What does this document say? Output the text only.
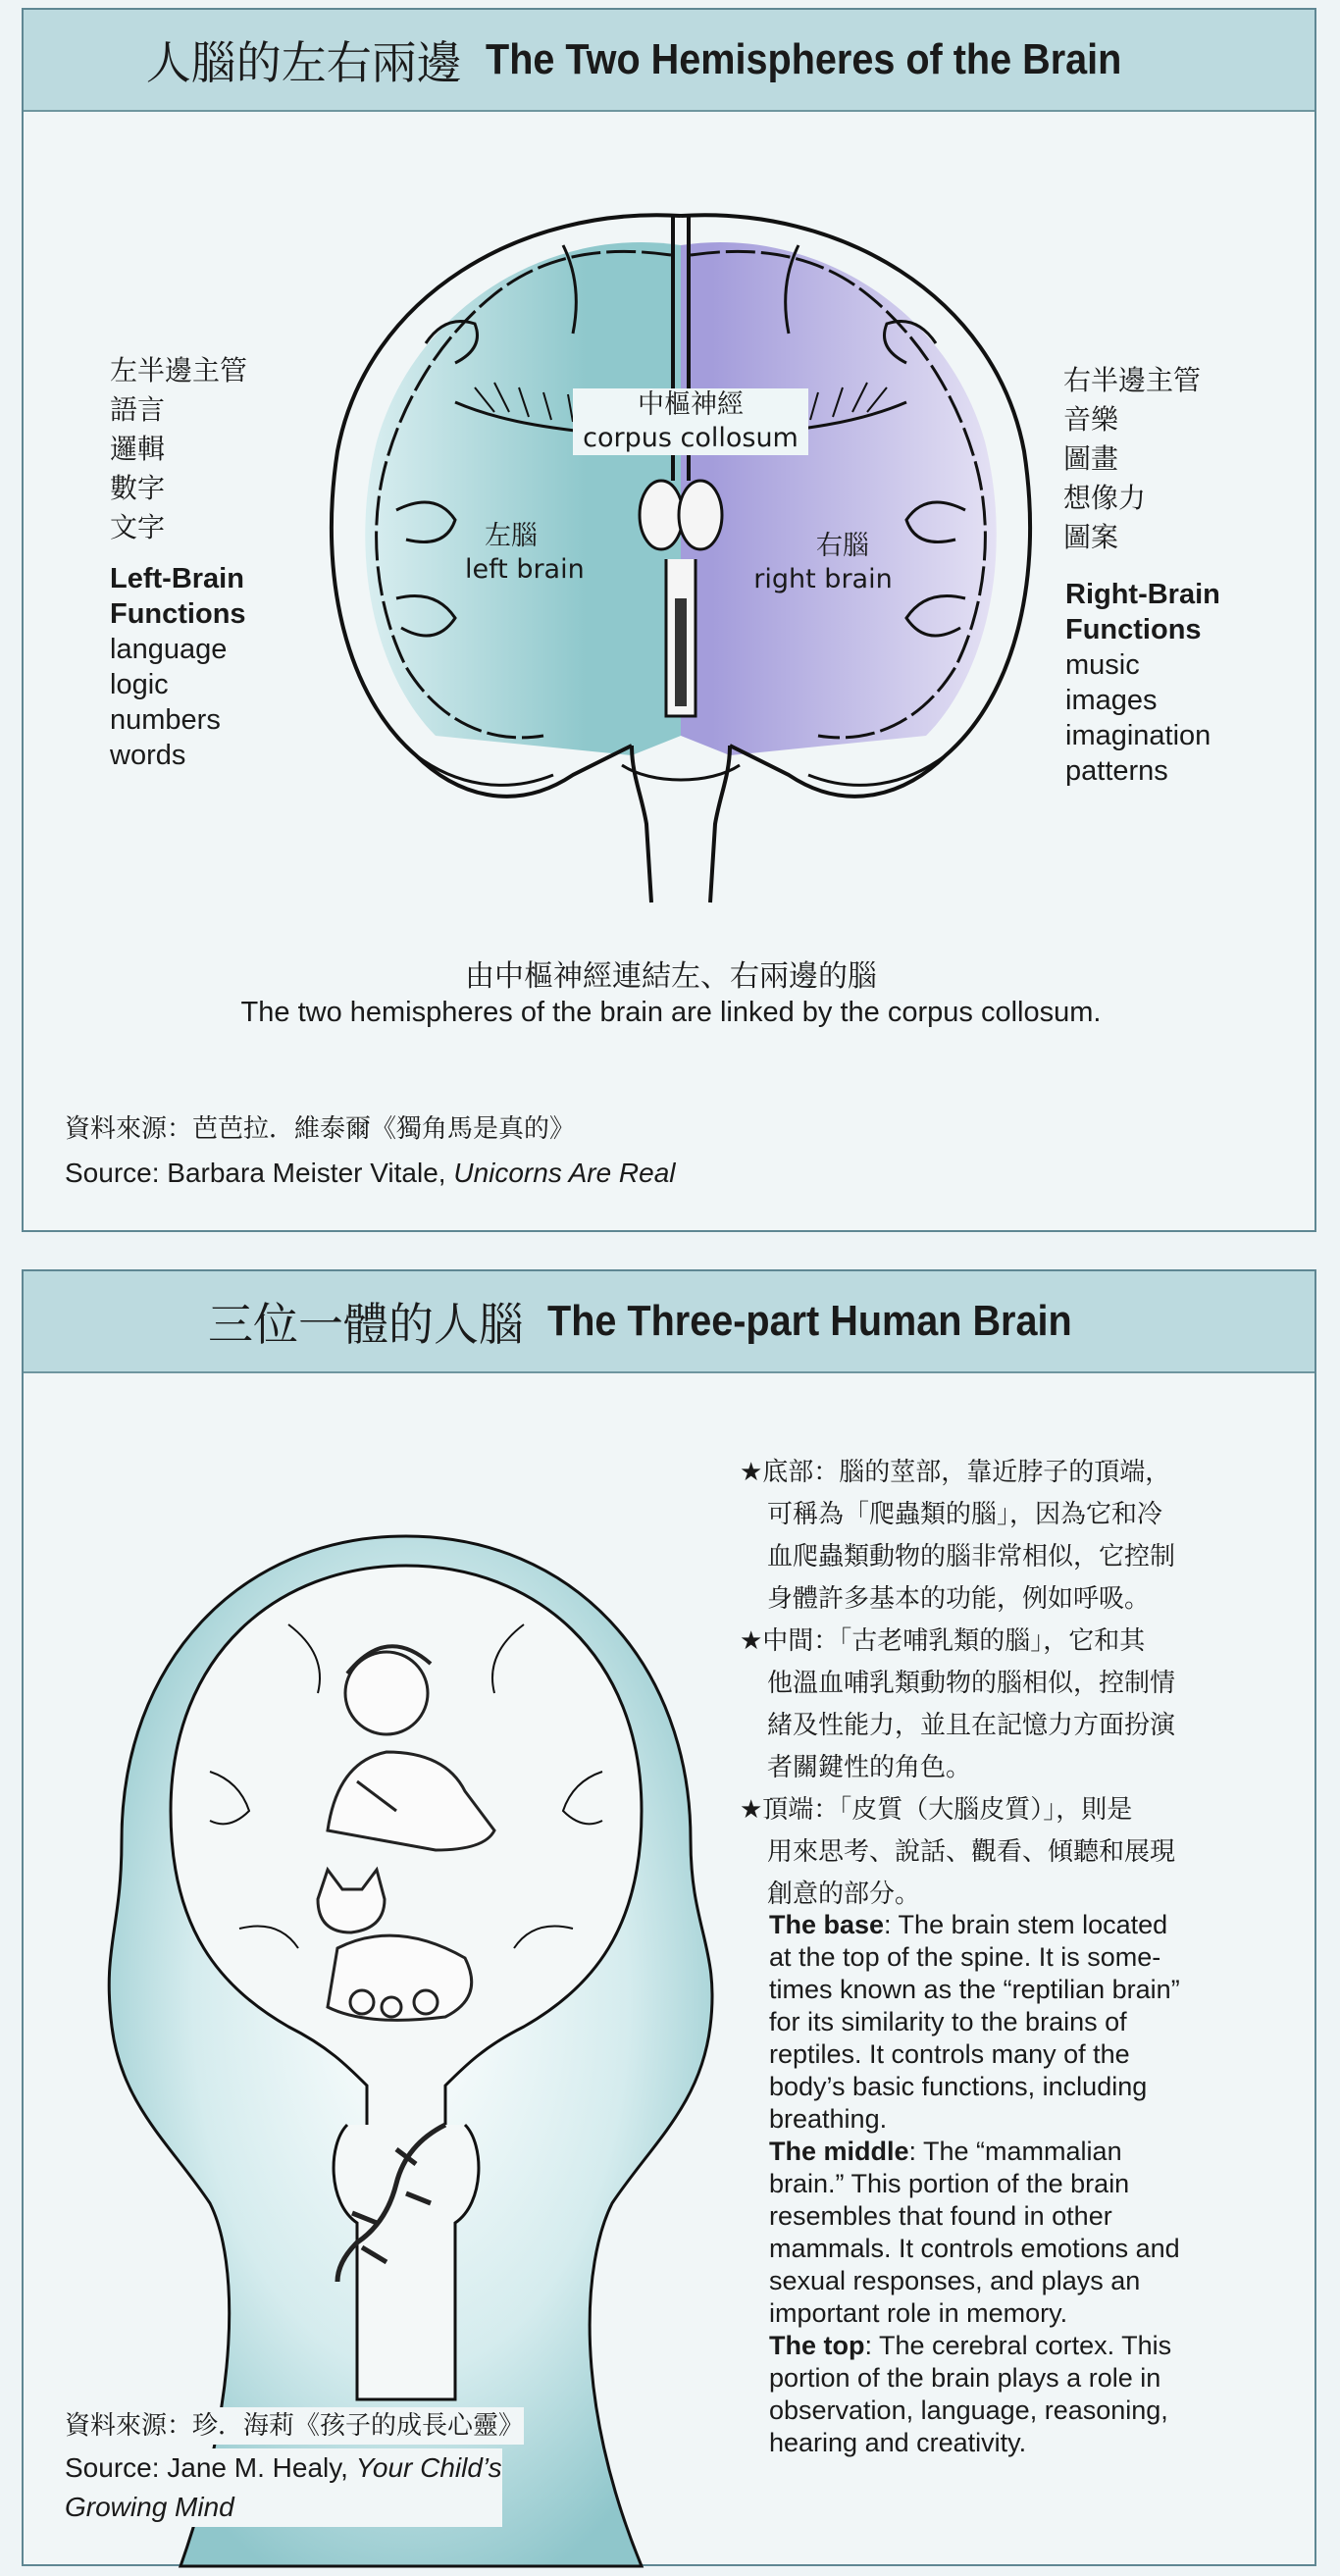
人腦的左右兩邊 The Two Hemispheres of the Brain
中樞神經
corpus collosum
左腦
left brain
右腦
right brain
左半邊主管
語言
邏輯
數字
文字
Left-Brain
Functions
language
logic
numbers
words
右半邊主管
音樂
圖畫
想像力
圖案
Right-Brain
Functions
music
images
imagination
patterns
由中樞神經連結左、右兩邊的腦
The two hemispheres of the brain are linked by the corpus collosum.
資料來源：芭芭拉．維泰爾《獨角馬是真的》
Source: Barbara Meister Vitale, Unicorns Are Real
三位一體的人腦 The Three-part Human Brain
★底部：腦的莖部，靠近脖子的頂端，
可稱為「爬蟲類的腦」，因為它和冷
血爬蟲類動物的腦非常相似，它控制
身體許多基本的功能，例如呼吸。
★中間：「古老哺乳類的腦」，它和其
他溫血哺乳類動物的腦相似，控制情
緒及性能力，並且在記憶力方面扮演
者關鍵性的角色。
★頂端：「皮質（大腦皮質）」，則是
用來思考、說話、觀看、傾聽和展現
創意的部分。

The base: The brain stem located
at the top of the spine. It is some-
times known as the “reptilian brain”
for its similarity to the brains of
reptiles. It controls many of the
body’s basic functions, including
breathing.

The middle: The “mammalian
brain.” This portion of the brain
resembles that found in other
mammals. It controls emotions and
sexual responses, and plays an
important role in memory.

The top: The cerebral cortex. This
portion of the brain plays a role in
observation, language, reasoning,
hearing and creativity.

資料來源：珍．海莉《孩子的成長心靈》
Source: Jane M. Healy, Your Child’s
Growing Mind
